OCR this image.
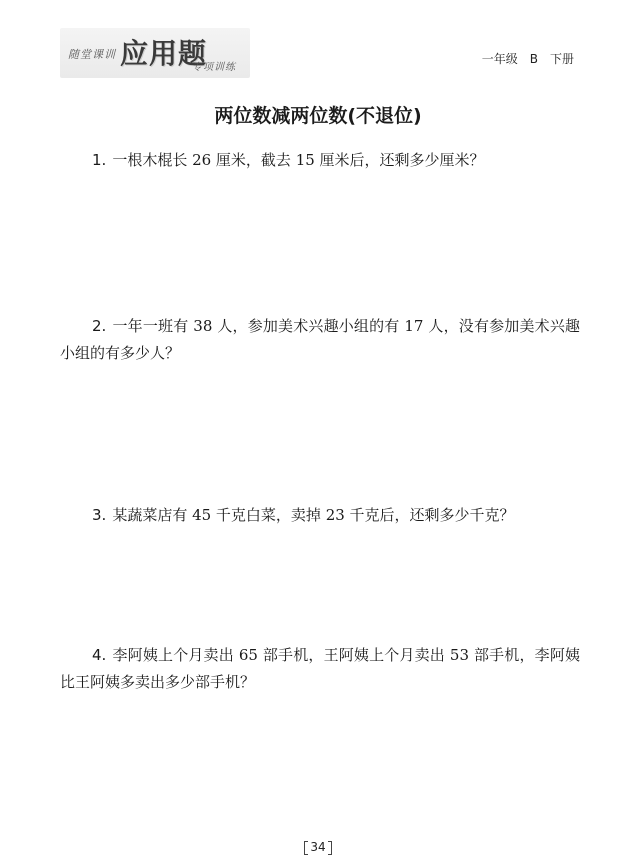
随堂课训 应用题
专项训练
一年级　B　下册
两位数减两位数(不退位)
1. 一根木棍长 26 厘米，截去 15 厘米后，还剩多少厘米？
2. 一年一班有 38 人，参加美术兴趣小组的有 17 人，没有参加美术兴趣小组的有多少人？
3. 某蔬菜店有 45 千克白菜，卖掉 23 千克后，还剩多少千克？
4. 李阿姨上个月卖出 65 部手机，王阿姨上个月卖出 53 部手机，李阿姨比王阿姨多卖出多少部手机？
34
